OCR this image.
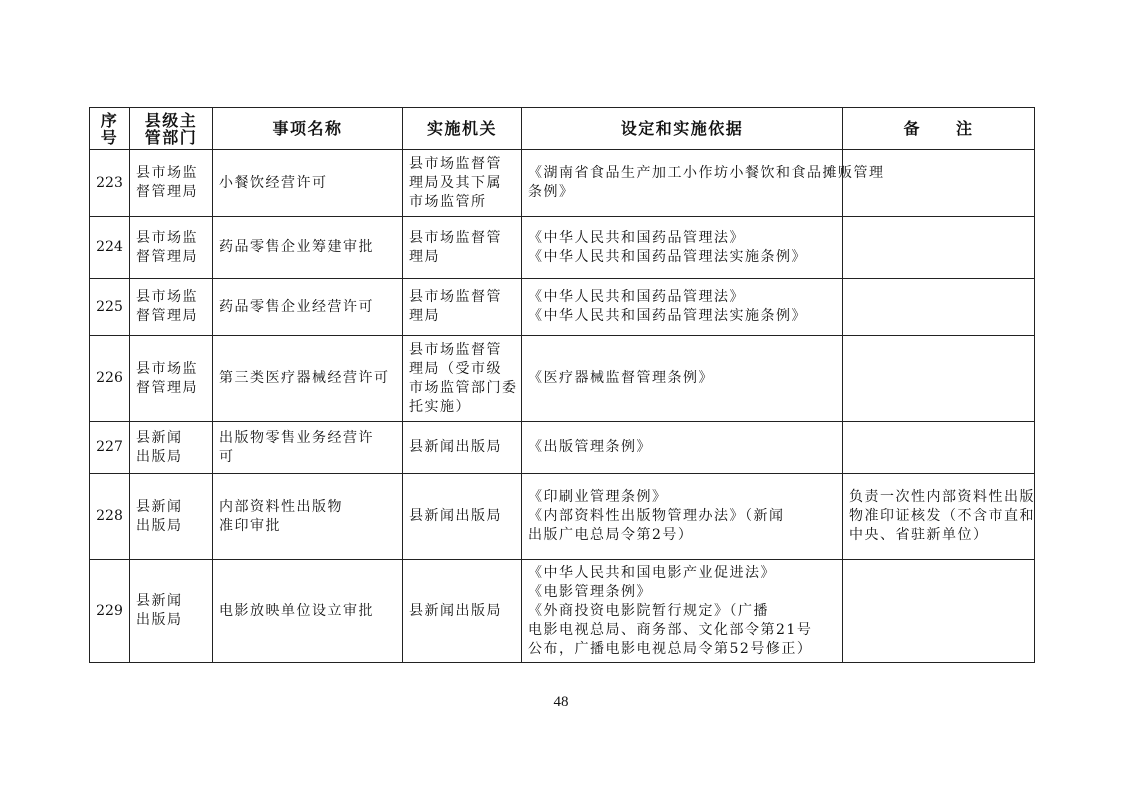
序
号	县级主
管部门	事项名称	实施机关	设定和实施依据	备　　注
223	县市场监
督管理局	小餐饮经营许可	县市场监督管
理局及其下属
市场监管所	《湖南省食品生产加工小作坊小餐饮和食品摊贩管理
条例》	

224	县市场监
督管理局	药品零售企业筹建审批	县市场监督管
理局	《中华人民共和国药品管理法》
《中华人民共和国药品管理法实施条例》	

225	县市场监
督管理局	药品零售企业经营许可	县市场监督管
理局	《中华人民共和国药品管理法》
《中华人民共和国药品管理法实施条例》	

226	县市场监
督管理局	第三类医疗器械经营许可	县市场监督管
理局（受市级
市场监管部门委
托实施）	《医疗器械监督管理条例》	

227	县新闻
出版局	出版物零售业务经营许
可	县新闻出版局	《出版管理条例》	

228	县新闻
出版局	内部资料性出版物
准印审批	县新闻出版局	《印刷业管理条例》
《内部资料性出版物管理办法》（新闻
出版广电总局令第2号）	负责一次性内部资料性出版
物准印证核发（不含市直和
中央、省驻新单位）

229	县新闻
出版局	电影放映单位设立审批	县新闻出版局	《中华人民共和国电影产业促进法》
《电影管理条例》
《外商投资电影院暂行规定》（广播
电影电视总局、商务部、文化部令第21号
公布，广播电影电视总局令第52号修正）	

48
